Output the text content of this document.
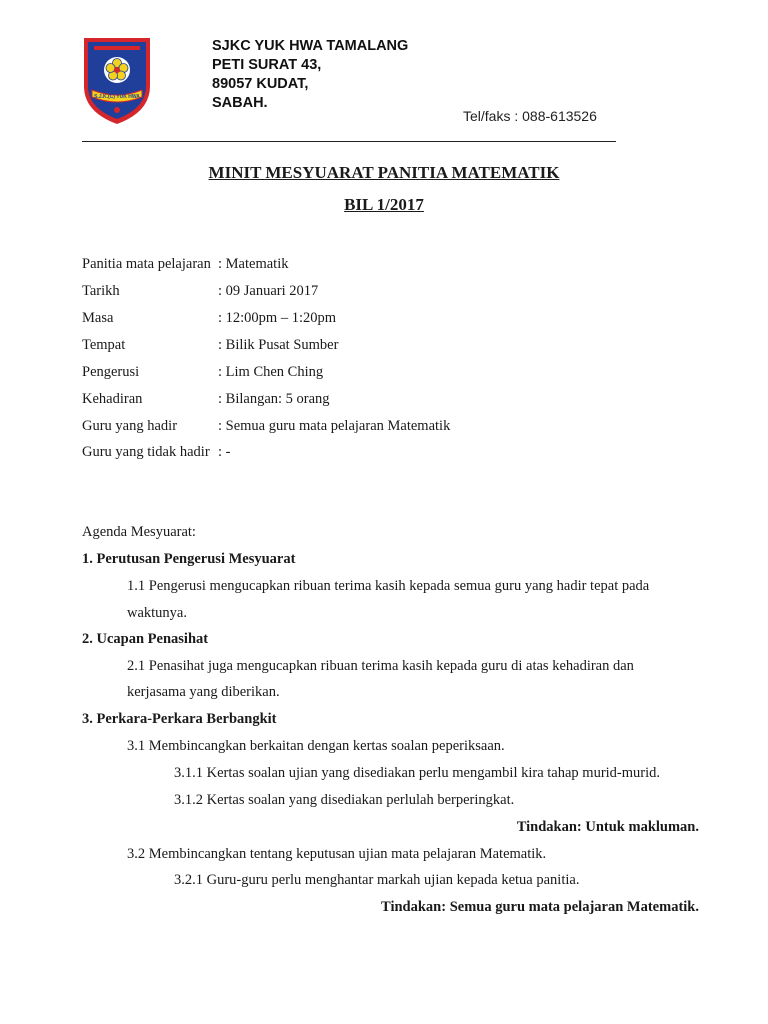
S.J.K.(C) YUK HWA
SJKC YUK HWA TAMALANG
PETI SURAT 43,
89057 KUDAT,
SABAH.
Tel/faks : 088-613526
MINIT MESYUARAT PANITIA MATEMATIK
BIL 1/2017
Panitia mata pelajaran : Matematik
Tarikh	: 09 Januari 2017
Masa	: 12:00pm – 1:20pm
Tempat	: Bilik Pusat Sumber
Pengerusi	: Lim Chen Ching
Kehadiran	: Bilangan: 5 orang
Guru yang hadir	: Semua guru mata pelajaran Matematik
Guru yang tidak hadir : -
Agenda Mesyuarat:
1. Perutusan Pengerusi Mesyuarat
1.1 Pengerusi mengucapkan ribuan terima kasih kepada semua guru yang hadir tepat pada
waktunya.
2. Ucapan Penasihat
2.1 Penasihat juga mengucapkan ribuan terima kasih kepada guru di atas kehadiran dan
kerjasama yang diberikan.
3. Perkara-Perkara Berbangkit
3.1 Membincangkan berkaitan dengan kertas soalan peperiksaan.
3.1.1 Kertas soalan ujian yang disediakan perlu mengambil kira tahap murid-murid.
3.1.2 Kertas soalan yang disediakan perlulah berperingkat.
Tindakan: Untuk makluman.
3.2 Membincangkan tentang keputusan ujian mata pelajaran Matematik.
3.2.1 Guru-guru perlu menghantar markah ujian kepada ketua panitia.
Tindakan: Semua guru mata pelajaran Matematik.
